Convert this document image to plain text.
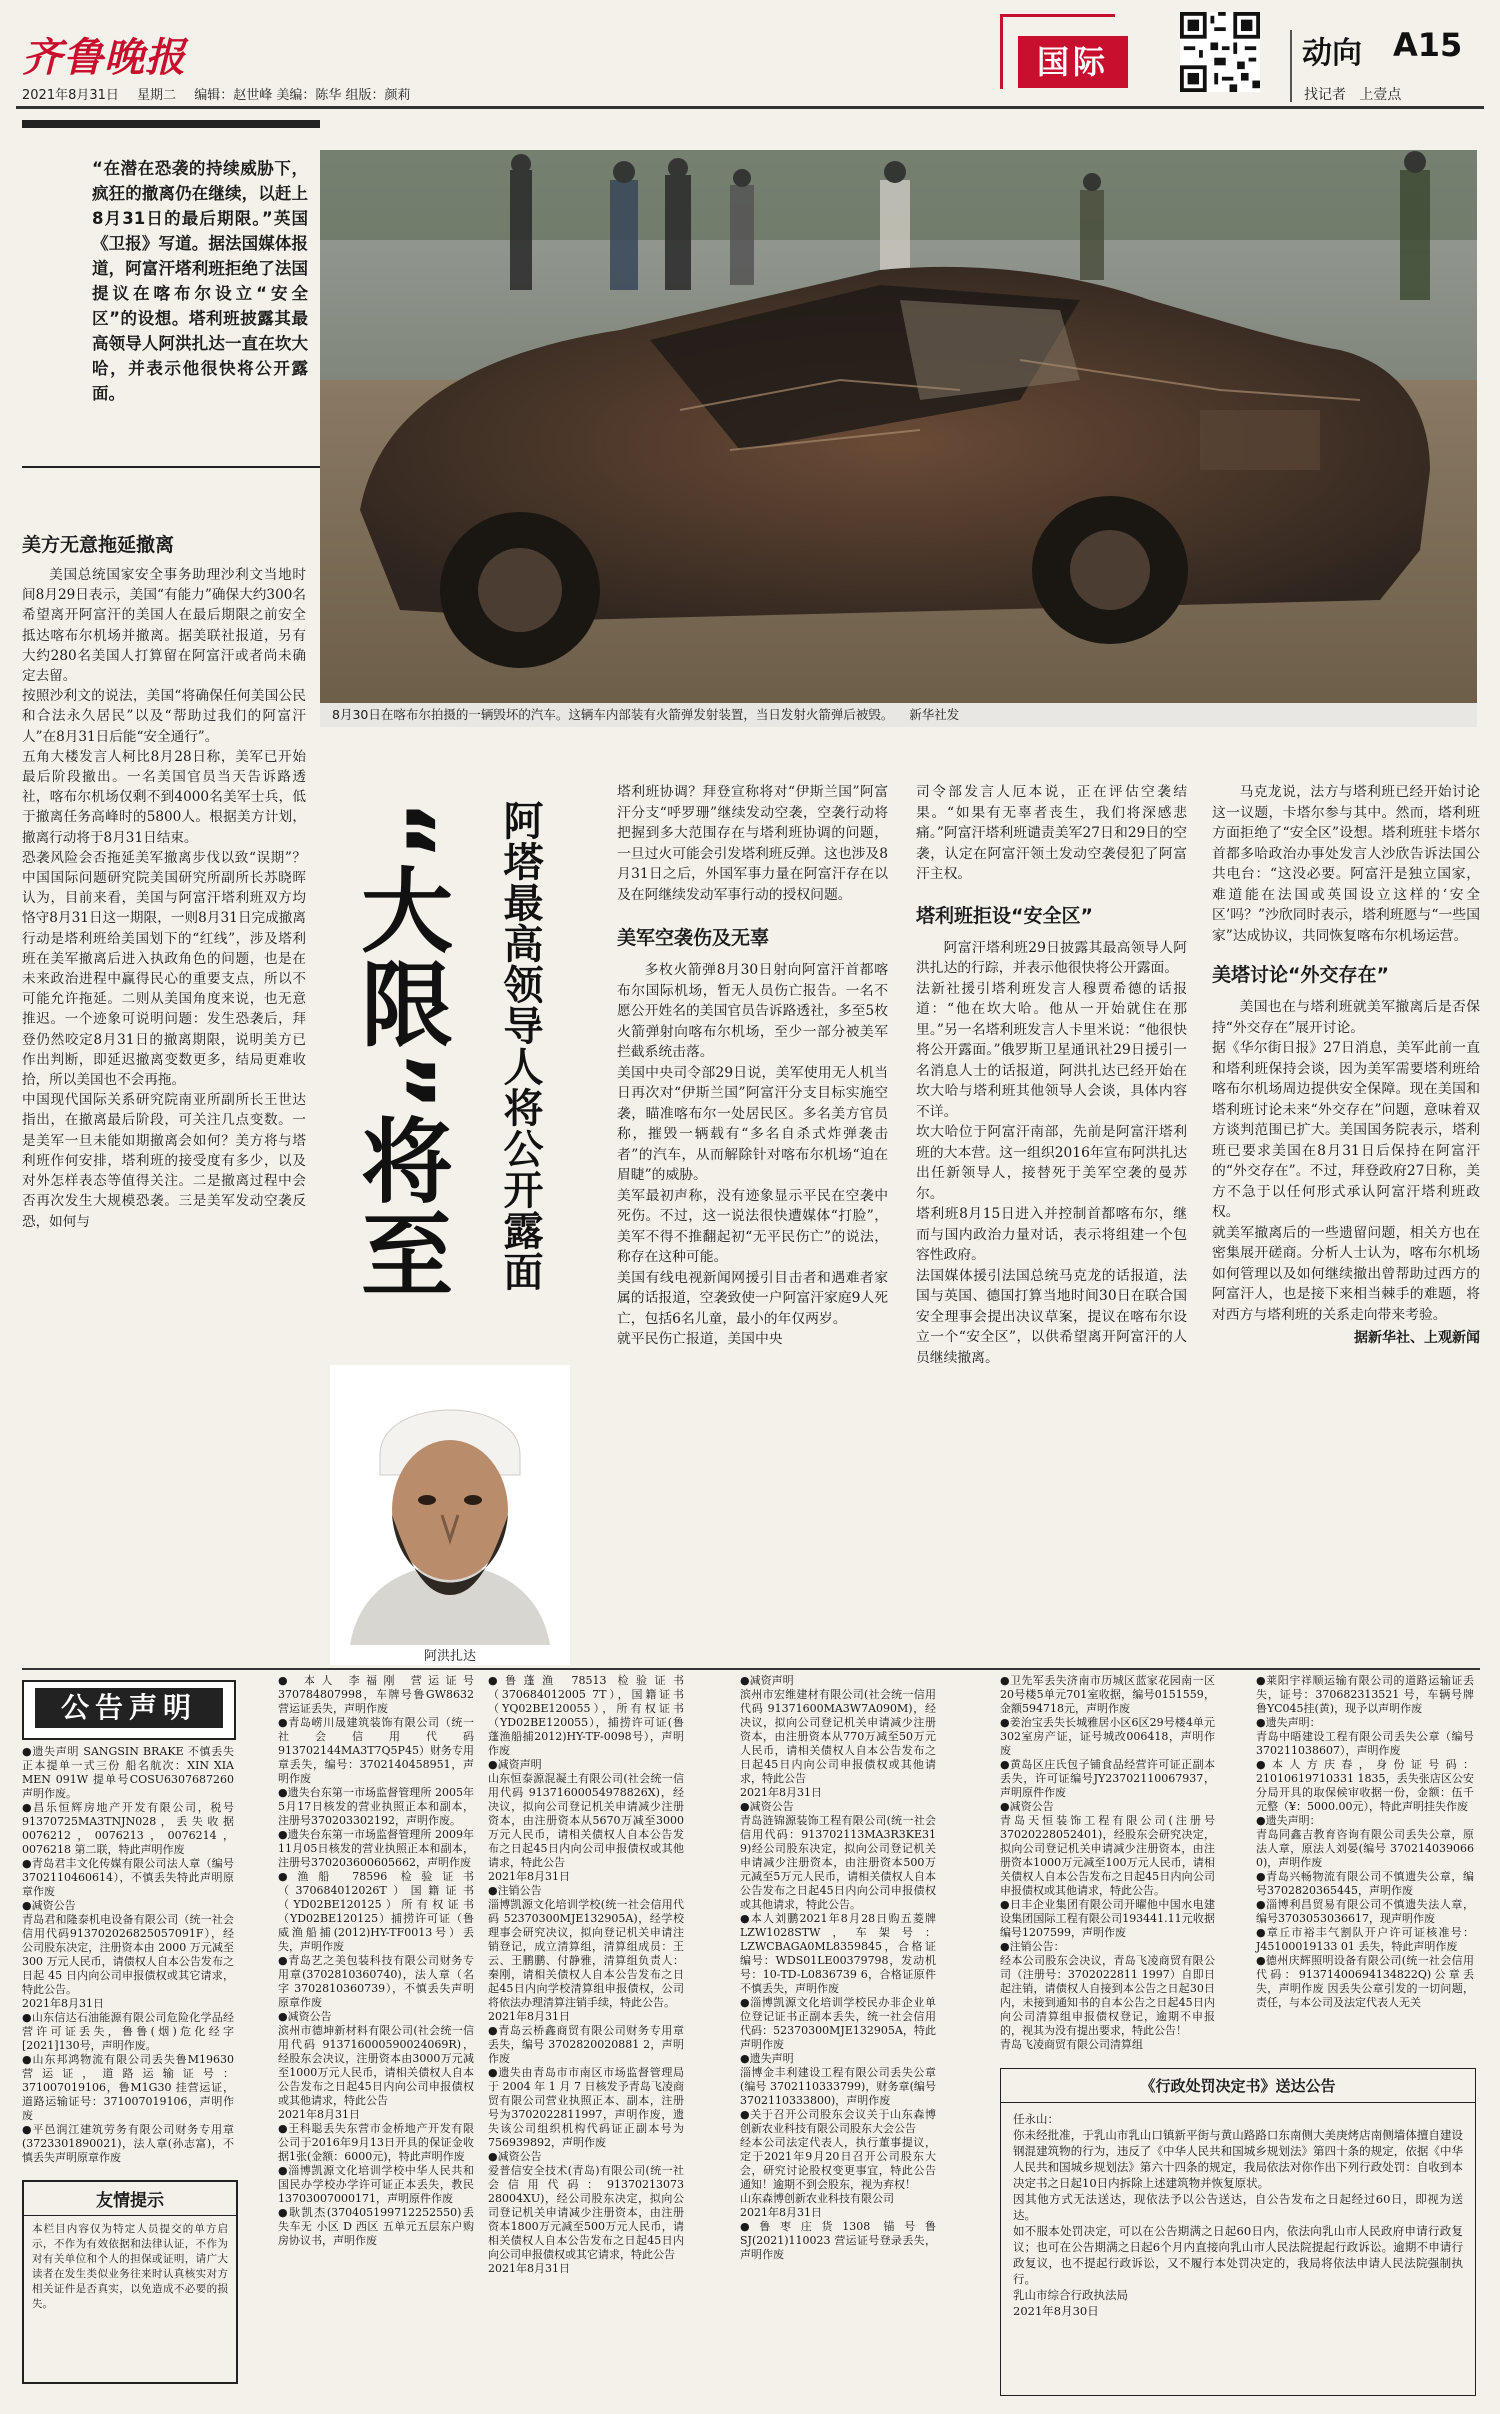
齐鲁晚报
2021年8月31日 星期二 编辑：赵世峰 美编：陈华 组版：颜莉
国际	动向 A15
找记者   上壹点

“在潜在恐袭的持续威胁下，疯狂的撤离仍在继续，以赶上8月31日的最后期限。”英国《卫报》写道。据法国媒体报道，阿富汗塔利班拒绝了法国提议在喀布尔设立“安全区”的设想。塔利班披露其最高领导人阿洪扎达一直在坎大哈，并表示他很快将公开露面。

8月30日在喀布尔拍摄的一辆毁坏的汽车。这辆车内部装有火箭弹发射装置，当日发射火箭弹后被毁。    新华社发
美方无意拖延撤离

美国总统国家安全事务助理沙利文当地时间8月29日表示，美国“有能力”确保大约300名希望离开阿富汗的美国人在最后期限之前安全抵达喀布尔机场并撤离。据美联社报道，另有大约280名美国人打算留在阿富汗或者尚未确定去留。
按照沙利文的说法，美国“将确保任何美国公民和合法永久居民”以及“帮助过我们的阿富汗人”在8月31日后能“安全通行”。
五角大楼发言人柯比8月28日称，美军已开始最后阶段撤出。一名美国官员当天告诉路透社，喀布尔机场仅剩不到4000名美军士兵，低于撤离任务高峰时的5800人。根据美方计划，撤离行动将于8月31日结束。
恐袭风险会否拖延美军撤离步伐以致“误期”？中国国际问题研究院美国研究所副所长苏晓晖认为，目前来看，美国与阿富汗塔利班双方均恪守8月31日这一期限，一则8月31日完成撤离行动是塔利班给美国划下的“红线”，涉及塔利班在美军撤离后进入执政角色的问题，也是在未来政治进程中赢得民心的重要支点，所以不可能允许拖延。二则从美国角度来说，也无意推迟。一个迹象可说明问题：发生恐袭后，拜登仍然咬定8月31日的撤离期限，说明美方已作出判断，即延迟撤离变数更多，结局更难收拾，所以美国也不会再拖。
中国现代国际关系研究院南亚所副所长王世达指出，在撤离最后阶段，可关注几点变数。一是美军一旦未能如期撤离会如何？美方将与塔利班作何安排，塔利班的接受度有多少，以及对外怎样表态等值得关注。二是撤离过程中会否再次发生大规模恐袭。三是美军发动空袭反恐，如何与	“大限”将至	阿塔最高领导人将公开露面
阿洪扎达

塔利班协调？拜登宣称将对“伊斯兰国”阿富汗分支“呼罗珊”继续发动空袭，空袭行动将把握到多大范围存在与塔利班协调的问题，一旦过火可能会引发塔利班反弹。这也涉及8月31日之后，外国军事力量在阿富汗存在以及在阿继续发动军事行动的授权问题。

美军空袭伤及无辜

多枚火箭弹8月30日射向阿富汗首都喀布尔国际机场，暂无人员伤亡报告。一名不愿公开姓名的美国官员告诉路透社，多至5枚火箭弹射向喀布尔机场，至少一部分被美军拦截系统击落。
美国中央司令部29日说，美军使用无人机当日再次对“伊斯兰国”阿富汗分支目标实施空袭，瞄准喀布尔一处居民区。多名美方官员称，摧毁一辆载有“多名自杀式炸弹袭击者”的汽车，从而解除针对喀布尔机场“迫在眉睫”的威胁。
美军最初声称，没有迹象显示平民在空袭中死伤。不过，这一说法很快遭媒体“打脸”，美军不得不推翻起初“无平民伤亡”的说法，称存在这种可能。
美国有线电视新闻网援引目击者和遇难者家属的话报道，空袭致使一户阿富汗家庭9人死亡，包括6名儿童，最小的年仅两岁。
就平民伤亡报道，美国中央

司令部发言人厄本说，正在评估空袭结果。“如果有无辜者丧生，我们将深感悲痛。”阿富汗塔利班谴责美军27日和29日的空袭，认定在阿富汗领土发动空袭侵犯了阿富汗主权。

塔利班拒设“安全区”

阿富汗塔利班29日披露其最高领导人阿洪扎达的行踪，并表示他很快将公开露面。
法新社援引塔利班发言人穆贾希德的话报道：“他在坎大哈。他从一开始就住在那里。”另一名塔利班发言人卡里米说：“他很快将公开露面。”俄罗斯卫星通讯社29日援引一名消息人士的话报道，阿洪扎达已经开始在坎大哈与塔利班其他领导人会谈，具体内容不详。
坎大哈位于阿富汗南部，先前是阿富汗塔利班的大本营。这一组织2016年宣布阿洪扎达出任新领导人，接替死于美军空袭的曼苏尔。
塔利班8月15日进入并控制首都喀布尔，继而与国内政治力量对话，表示将组建一个包容性政府。
法国媒体援引法国总统马克龙的话报道，法国与英国、德国打算当地时间30日在联合国安全理事会提出决议草案，提议在喀布尔设立一个“安全区”，以供希望离开阿富汗的人员继续撤离。

马克龙说，法方与塔利班已经开始讨论这一议题，卡塔尔参与其中。然而，塔利班方面拒绝了“安全区”设想。塔利班驻卡塔尔首都多哈政治办事处发言人沙欣告诉法国公共电台：“这没必要。阿富汗是独立国家，难道能在法国或英国设立这样的‘安全区’吗？”沙欣同时表示，塔利班愿与“一些国家”达成协议，共同恢复喀布尔机场运营。

美塔讨论“外交存在”

美国也在与塔利班就美军撤离后是否保持“外交存在”展开讨论。
据《华尔街日报》27日消息，美军此前一直和塔利班保持会谈，因为美军需要塔利班给喀布尔机场周边提供安全保障。现在美国和塔利班讨论未来“外交存在”问题，意味着双方谈判范围已扩大。美国国务院表示，塔利班已要求美国在8月31日后保持在阿富汗的“外交存在”。不过，拜登政府27日称，美方不急于以任何形式承认阿富汗塔利班政权。
就美军撤离后的一些遗留问题，相关方也在密集展开磋商。分析人士认为，喀布尔机场如何管理以及如何继续撤出曾帮助过西方的阿富汗人，也是接下来相当棘手的难题，将对西方与塔利班的关系走向带来考验。

据新华社、上观新闻
公告声明

●遗失声明 SANGSIN BRAKE 不慎丢失正本提单一式三份 船名航次：XIN XIA MEN 091W 提单号COSU6307687260 声明作废。
●昌乐恒辉房地产开发有限公司，税号 91370725MA3TNJN028，丢失收据 0076212，0076213，0076214，0076218 第二联，特此声明作废
●青岛君丰文化传媒有限公司法人章（编号3702110460614），不慎丢失特此声明原章作废
●减资公告
青岛君和隆泰机电设备有限公司（统一社会信用代码913702026825057091F），经公司股东决定，注册资本由 2000 万元减至 300 万元人民币，请债权人自本公告发布之日起 45 日内向公司申报债权或其它请求，特此公告。
2021年8月31日
●山东信达石油能源有限公司危险化学品经营许可证丢失，鲁鲁(烟)危化经字[2021]130号，声明作废。
●山东邦鸿物流有限公司丢失鲁M19630 营运证，道路运输证号：371007019106，鲁M1G30 挂营运证，道路运输证号：371007019106，声明作废
●平邑润江建筑劳务有限公司财务专用章(3723301890021)，法人章(孙志富)，不慎丢失声明原章作废

友情提示

本栏目内容仅为特定人员提交的单方启示，不作为有效依据和法律认证，不作为对有关单位和个人的担保或证明，请广大读者在发生类似业务往来时认真核实对方相关证件是否真实，以免造成不必要的损失。

● 本人 李福刚 营运证号 370784807998，车牌号鲁GW8632 营运证丢失，声明作废
●青岛崂川晟建筑装饰有限公司（统一社会信用代码 913702144MA3T7Q5P45）财务专用章丢失，编号：3702140458951，声明作废
●遗失台东第一市场监督管理所 2005年5月17日核发的营业执照正本和副本，注册号370203302192，声明作废。
●遗失台东第一市场监督管理所 2009年11月05日核发的营业执照正本和副本，注册号370203600605662，声明作废
●渔船 78596 检验证书（370684012026T）国籍证书（YD02BE120125）所有权证书（YD02BE120125）捕捞许可证（鲁威渔船捕(2012)HY-TF0013号）丢失，声明作废
●青岛艺之美包装科技有限公司财务专用章(3702810360740)，法人章（名字 3702810360739），不慎丢失声明原章作废
●减资公告
滨州市德坤新材料有限公司(社会统一信用代码 913716000590024069R)，经股东会决议，注册资本由3000万元减至1000万元人民币，请相关债权人自本公告发布之日起45日内向公司申报债权或其他请求，特此公告
2021年8月31日
●王科聪丢失东营市金桥地产开发有限公司于2016年9月13日开具的保证金收据1张(金额：6000元)，特此声明作废
●淄博凯源文化培训学校中华人民共和国民办学校办学许可证正本丢失，教民13703007000171，声明原件作废
●耿凯杰(370405199712252550)丢失车无 小区 D 西区 五单元五层东户购房协议书，声明作废

●鲁蓬渔 78513 检验证书（370684012005 7T），国籍证书（YQ02BE120055），所有权证书（YD02BE120055），捕捞许可证(鲁蓬渔船捕2012)HY-TF-0098号），声明作废
●减资声明
山东恒泰源混凝土有限公司(社会统一信用代码 91371600054978826X)，经决议，拟向公司登记机关申请减少注册资本，由注册资本从5670万减至3000万元人民币，请相关债权人自本公告发布之日起45日内向公司申报债权或其他请求，特此公告
2021年8月31日
●注销公告
淄博凯源文化培训学校(统一社会信用代码 52370300MJE132905A)，经学校理事会研究决议，拟向登记机关申请注销登记，成立清算组，清算组成员：王云、王鹏鹏、付静雅，清算组负责人：秦刚，请相关债权人自本公告发布之日起45日内向学校清算组申报债权，公司将依法办理清算注销手续，特此公告。
2021年8月31日
●青岛云桥鑫商贸有限公司财务专用章丢失，编号 3702820020881 2，声明作废
●遗失由青岛市市南区市场监督管理局于 2004 年 1 月 7 日核发予青岛飞凌商贸有限公司营业执照正本、副本，注册号为3702022811997，声明作废，遗失该公司组织机构代码证正副本号为756939892，声明作废
●减资公告
爱普信安全技术(青岛)有限公司(统一社会信用代码：91370213073 28004XU)，经公司股东决定，拟向公司登记机关申请减少注册资本，由注册资本1800万元减至500万元人民币，请相关债权人自本公告发布之日起45日内向公司申报债权或其它请求，特此公告
2021年8月31日

●减资声明
滨州市宏维建材有限公司(社会统一信用代码 91371600MA3W7A090M)，经决议，拟向公司登记机关申请减少注册资本，由注册资本从770万减至50万元人民币，请相关债权人自本公告发布之日起45日内向公司申报债权或其他请求，特此公告
2021年8月31日
●减资公告
青岛涟锦源装饰工程有限公司(统一社会信用代码：913702113MA3R3KE31 9)经公司股东决定，拟向公司登记机关申请减少注册资本，由注册资本500万元减至5万元人民币，请相关债权人自本公告发布之日起45日内向公司申报债权或其他请求，特此公告。
●本人刘鹏2021年8月28日购五菱牌LZW1028STW，车架号：LZWCBAGA0ML8359845，合格证编号：WDS01LE00379798，发动机号：10-TD-L0836739 6，合格证原件不慎丢失，声明作废
●淄博凯源文化培训学校民办非企业单位登记证书正副本丢失，统一社会信用代码：52370300MJE132905A，特此声明作废
●遗失声明
淄博金丰利建设工程有限公司丢失公章(编号 3702110333799)，财务章(编号 3702110333800)，声明作废
●关于召开公司股东会议关于山东森博创新农业科技有限公司股东大会公告
经本公司法定代表人，执行董事提议，定于2021年9月20日召开公司股东大会，研究讨论股权变更事宜，特此公告通知！逾期不到会股东，视为弃权！
山东森博创新农业科技有限公司
2021年8月31日
●鲁枣庄货1308 锚号鲁SJ(2021)110023 营运证号登录丢失，声明作废

●卫先军丢失济南市历城区蓝家花园南一区20号楼5单元701室收据，编号0151559，金额594718元，声明作废
●姜治宝丢失长城雅居小区6区29号楼4单元302室房产证，证号城改006418，声明作废
●黄岛区庄氏包子铺食品经营许可证正副本丢失，许可证编号JY23702110067937，声明原件作废
●减资公告
青岛天恒装饰工程有限公司(注册号37020228052401)，经股东会研究决定，拟向公司登记机关申请减少注册资本，由注册资本1000万元减至100万元人民币，请相关债权人自本公告发布之日起45日内向公司申报债权或其他请求，特此公告。
●日丰企业集团有限公司开曜他中国水电建设集团国际工程有限公司193441.11元收据编号1207599，声明作废
●注销公告：
经本公司股东会决议，青岛飞凌商贸有限公司（注册号：3702022811 1997）自即日起注销，请债权人自接到本公告之日起30日内，未接到通知书的自本公告之日起45日内向公司清算组申报债权登记，逾期不申报的，视其为没有提出要求，特此公告！
青岛飞凌商贸有限公司清算组

●莱阳宇祥顺运输有限公司的道路运输证丢失，证号：370682313521 号，车辆号牌鲁YC045挂(黄)，现予以声明作废
●遗失声明：
青岛中晤建设工程有限公司丢失公章（编号370211038607），声明作废
●本人方庆春，身份证号码：21010619710331 1835，丢失张店区公安分局开具的取保候审收据一份，金额：伍千元整（¥：5000.00元），特此声明挂失作废
●遗失声明：
青岛同鑫吉教育咨询有限公司丢失公章，原法人章，原法人刘晏(编号 370214039066 0)，声明作废
●青岛兴畅物流有限公司不慎遗失公章，编号3702820365445，声明作废
●淄博利昌贸易有限公司不慎遗失法人章，编号3703053036617，现声明作废
●章丘市裕丰气割队开户许可证核准号：J45100019133 01 丢失，特此声明作废
●德州庆辉照明设备有限公司(统一社会信用代码：91371400694134822Q)公章丢失，声明作废 因丢失公章引发的一切问题，责任，与本公司及法定代表人无关

《行政处罚决定书》送达公告

任永山：
你未经批准，于乳山市乳山口镇新平街与黄山路路口东南侧大美庚烤店南侧墙体擅自建设钢混建筑物的行为，违反了《中华人民共和国城乡规划法》第四十条的规定，依据《中华人民共和国城乡规划法》第六十四条的规定，我局依法对你作出下列行政处罚：自收到本决定书之日起10日内拆除上述建筑物并恢复原状。
因其他方式无法送达，现依法予以公告送达，自公告发布之日起经过60日，即视为送达。
如不服本处罚决定，可以在公告期满之日起60日内，依法向乳山市人民政府申请行政复议；也可在公告期满之日起6个月内直接向乳山市人民法院提起行政诉讼。逾期不申请行政复议，也不提起行政诉讼，又不履行本处罚决定的，我局将依法申请人民法院强制执行。
乳山市综合行政执法局
2021年8月30日
